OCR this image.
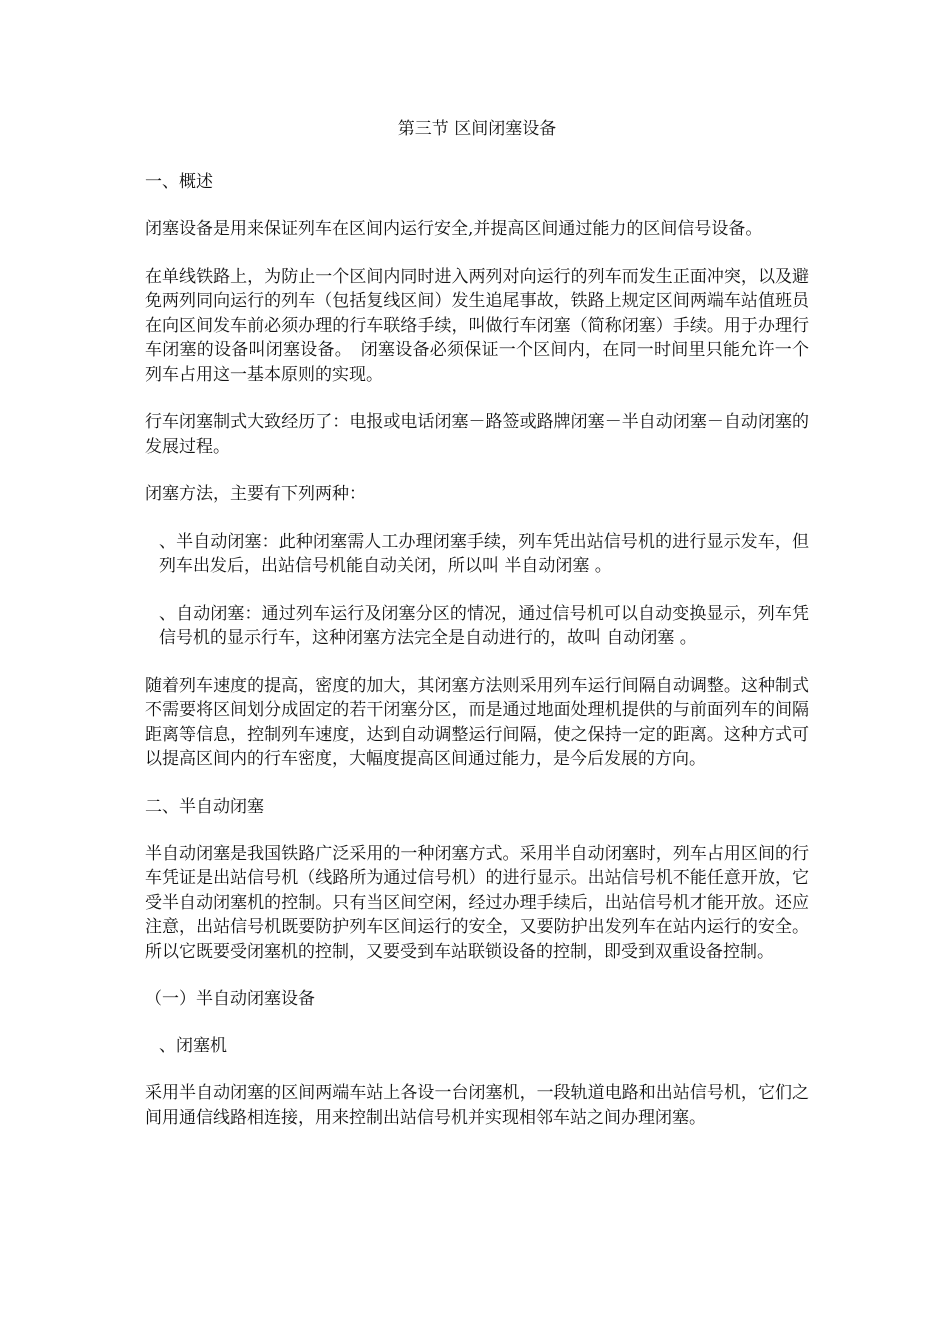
第三节 区间闭塞设备
一、概述
闭塞设备是用来保证列车在区间内运行安全,并提高区间通过能力的区间信号设备。
在单线铁路上，为防止一个区间内同时进入两列对向运行的列车而发生正面冲突，以及避免两列同向运行的列车（包括复线区间）发生追尾事故，铁路上规定区间两端车站值班员在向区间发车前必须办理的行车联络手续，叫做行车闭塞（简称闭塞）手续。用于办理行车闭塞的设备叫闭塞设备。　闭塞设备必须保证一个区间内，在同一时间里只能允许一个列车占用这一基本原则的实现。
行车闭塞制式大致经历了：电报或电话闭塞－路签或路牌闭塞－半自动闭塞－自动闭塞的发展过程。
闭塞方法，主要有下列两种：
、半自动闭塞：此种闭塞需人工办理闭塞手续，列车凭出站信号机的进行显示发车，但列车出发后，出站信号机能自动关闭，所以叫 半自动闭塞 。
、自动闭塞：通过列车运行及闭塞分区的情况，通过信号机可以自动变换显示，列车凭信号机的显示行车，这种闭塞方法完全是自动进行的，故叫 自动闭塞 。
随着列车速度的提高，密度的加大，其闭塞方法则采用列车运行间隔自动调整。这种制式不需要将区间划分成固定的若干闭塞分区，而是通过地面处理机提供的与前面列车的间隔距离等信息，控制列车速度，达到自动调整运行间隔，使之保持一定的距离。这种方式可以提高区间内的行车密度，大幅度提高区间通过能力，是今后发展的方向。
二、半自动闭塞
半自动闭塞是我国铁路广泛采用的一种闭塞方式。采用半自动闭塞时，列车占用区间的行车凭证是出站信号机（线路所为通过信号机）的进行显示。出站信号机不能任意开放，它受半自动闭塞机的控制。只有当区间空闲，经过办理手续后，出站信号机才能开放。还应注意，出站信号机既要防护列车区间运行的安全，又要防护出发列车在站内运行的安全。所以它既要受闭塞机的控制，又要受到车站联锁设备的控制，即受到双重设备控制。
（一）半自动闭塞设备
、闭塞机
采用半自动闭塞的区间两端车站上各设一台闭塞机，一段轨道电路和出站信号机，它们之间用通信线路相连接，用来控制出站信号机并实现相邻车站之间办理闭塞。
